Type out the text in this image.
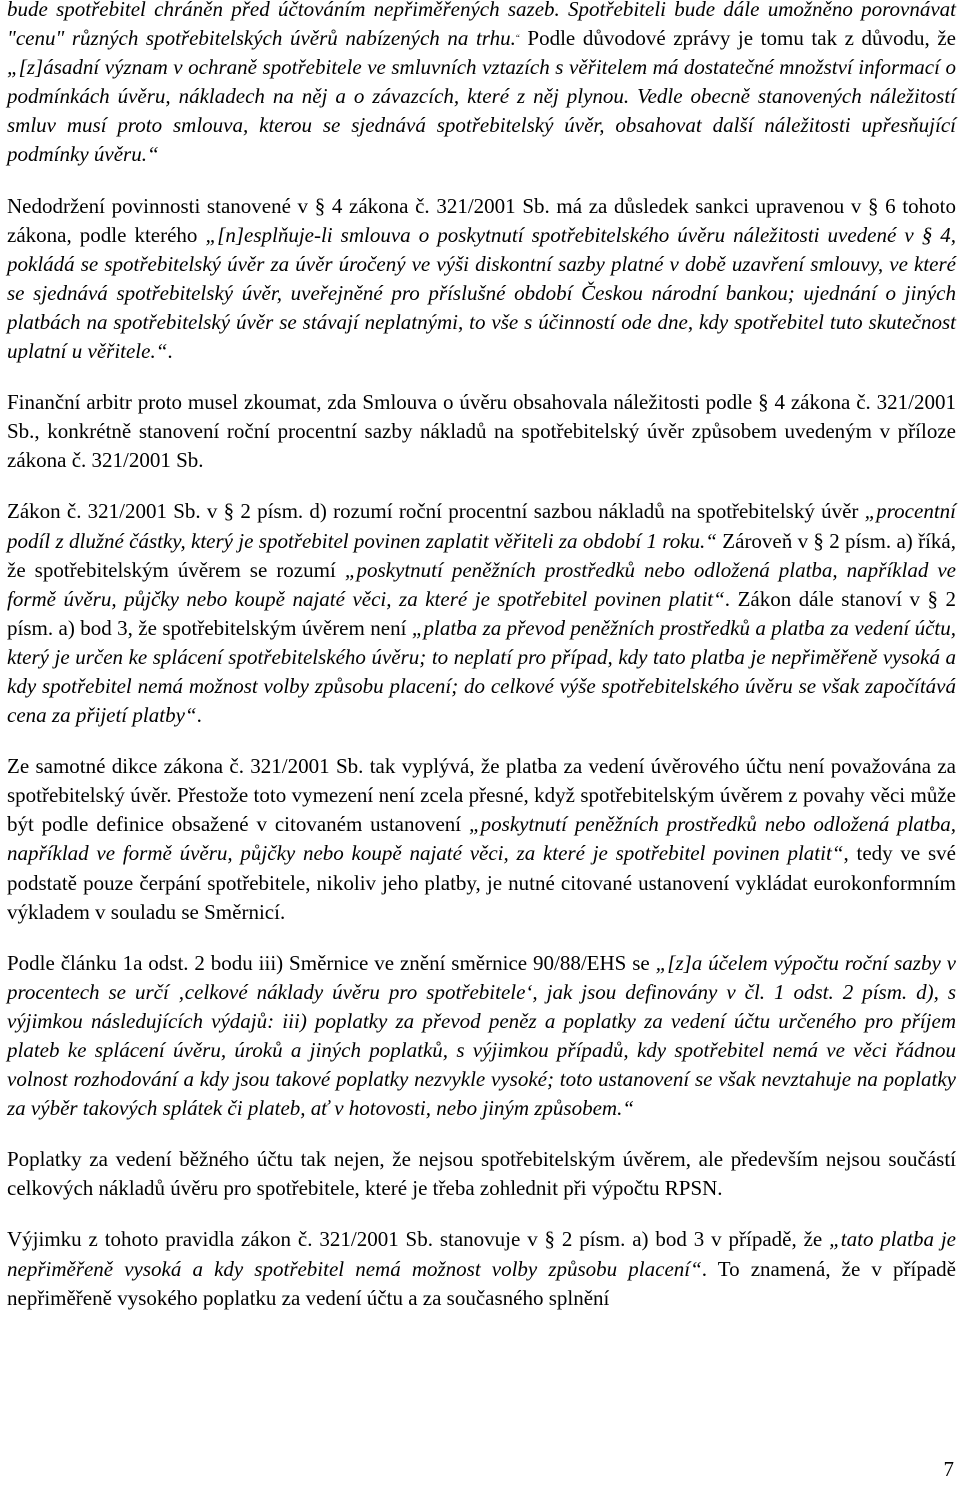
bude spotřebitel chráněn před účtováním nepřiměřených sazeb. Spotřebiteli bude dále umožněno porovnávat "cenu" různých spotřebitelských úvěrů nabízených na trhu.“ Podle důvodové zprávy je tomu tak z důvodu, že „[z]ásadní význam v ochraně spotřebitele ve smluvních vztazích s věřitelem má dostatečné množství informací o podmínkách úvěru, nákladech na něj a o závazcích, které z něj plynou. Vedle obecně stanovených náležitostí smluv musí proto smlouva, kterou se sjednává spotřebitelský úvěr, obsahovat další náležitosti upřesňující podmínky úvěru.“

Nedodržení povinnosti stanovené v § 4 zákona č. 321/2001 Sb. má za důsledek sankci upravenou v § 6 tohoto zákona, podle kterého „[n]esplňuje-li smlouva o poskytnutí spotřebitelského úvěru náležitosti uvedené v § 4, pokládá se spotřebitelský úvěr za úvěr úročený ve výši diskontní sazby platné v době uzavření smlouvy, ve které se sjednává spotřebitelský úvěr, uveřejněné pro příslušné období Českou národní bankou; ujednání o jiných platbách na spotřebitelský úvěr se stávají neplatnými, to vše s účinností ode dne, kdy spotřebitel tuto skutečnost uplatní u věřitele.“.

Finanční arbitr proto musel zkoumat, zda Smlouva o úvěru obsahovala náležitosti podle § 4 zákona č. 321/2001 Sb., konkrétně stanovení roční procentní sazby nákladů na spotřebitelský úvěr způsobem uvedeným v příloze zákona č. 321/2001 Sb.

Zákon č. 321/2001 Sb. v § 2 písm. d) rozumí roční procentní sazbou nákladů na spotřebitelský úvěr „procentní podíl z dlužné částky, který je spotřebitel povinen zaplatit věřiteli za období 1 roku.“ Zároveň v § 2 písm. a) říká, že spotřebitelským úvěrem se rozumí „poskytnutí peněžních prostředků nebo odložená platba, například ve formě úvěru, půjčky nebo koupě najaté věci, za které je spotřebitel povinen platit“. Zákon dále stanoví v § 2 písm. a) bod 3, že spotřebitelským úvěrem není „platba za převod peněžních prostředků a platba za vedení účtu, který je určen ke splácení spotřebitelského úvěru; to neplatí pro případ, kdy tato platba je nepřiměřeně vysoká a kdy spotřebitel nemá možnost volby způsobu placení; do celkové výše spotřebitelského úvěru se však započítává cena za přijetí platby“.

Ze samotné dikce zákona č. 321/2001 Sb. tak vyplývá, že platba za vedení úvěrového účtu není považována za spotřebitelský úvěr. Přestože toto vymezení není zcela přesné, když spotřebitelským úvěrem z povahy věci může být podle definice obsažené v citovaném ustanovení „poskytnutí peněžních prostředků nebo odložená platba, například ve formě úvěru, půjčky nebo koupě najaté věci, za které je spotřebitel povinen platit“, tedy ve své podstatě pouze čerpání spotřebitele, nikoliv jeho platby, je nutné citované ustanovení vykládat eurokonformním výkladem v souladu se Směrnicí.

Podle článku 1a odst. 2 bodu iii) Směrnice ve znění směrnice 90/88/EHS se „[z]a účelem výpočtu roční sazby v procentech se určí ‚celkové náklady úvěru pro spotřebitele‘, jak jsou definovány v čl. 1 odst. 2 písm. d), s výjimkou následujících výdajů: iii) poplatky za převod peněz a poplatky za vedení účtu určeného pro příjem plateb ke splácení úvěru, úroků a jiných poplatků, s výjimkou případů, kdy spotřebitel nemá ve věci řádnou volnost rozhodování a kdy jsou takové poplatky nezvykle vysoké; toto ustanovení se však nevztahuje na poplatky za výběr takových splátek či plateb, ať v hotovosti, nebo jiným způsobem.“

Poplatky za vedení běžného účtu tak nejen, že nejsou spotřebitelským úvěrem, ale především nejsou součástí celkových nákladů úvěru pro spotřebitele, které je třeba zohlednit při výpočtu RPSN.

Výjimku z tohoto pravidla zákon č. 321/2001 Sb. stanovuje v § 2 písm. a) bod 3 v případě, že „tato platba je nepřiměřeně vysoká a kdy spotřebitel nemá možnost volby způsobu placení“. To znamená, že v případě nepřiměřeně vysokého poplatku za vedení účtu a za současného splnění

7
